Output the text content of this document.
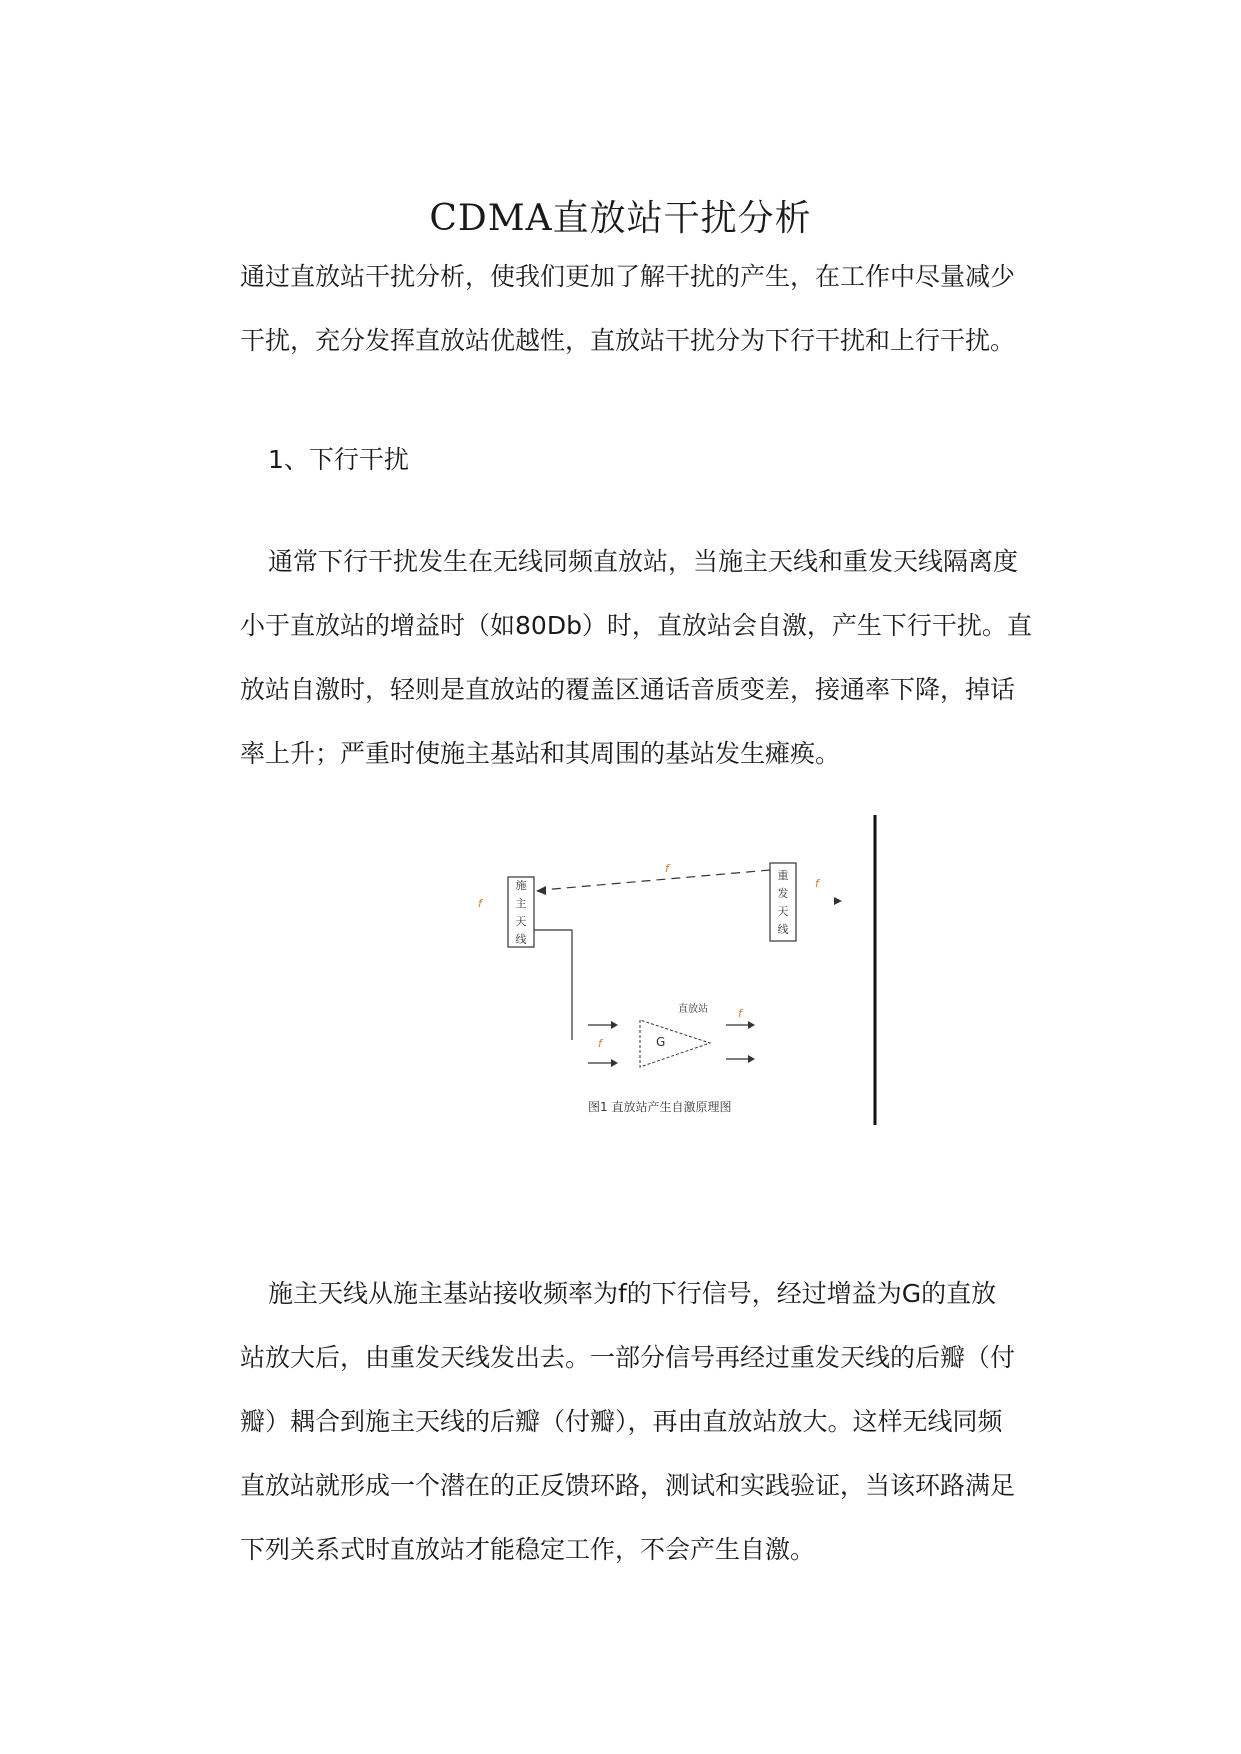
CDMA直放站干扰分析
通过直放站干扰分析，使我们更加了解干扰的产生，在工作中尽量减少
干扰，充分发挥直放站优越性，直放站干扰分为下行干扰和上行干扰。
1、下行干扰
通常下行干扰发生在无线同频直放站，当施主天线和重发天线隔离度
小于直放站的增益时（如80Db）时，直放站会自激，产生下行干扰。直
放站自激时，轻则是直放站的覆盖区通话音质变差，接通率下降，掉话
率上升；严重时使施主基站和其周围的基站发生瘫痪。
施
主
天
线
重
发
天
线
G
直放站
f
f
f
f
f
图1 直放站产生自激原理图
施主天线从施主基站接收频率为f的下行信号，经过增益为G的直放
站放大后，由重发天线发出去。一部分信号再经过重发天线的后瓣（付
瓣）耦合到施主天线的后瓣（付瓣），再由直放站放大。这样无线同频
直放站就形成一个潜在的正反馈环路，测试和实践验证，当该环路满足
下列关系式时直放站才能稳定工作，不会产生自激。
